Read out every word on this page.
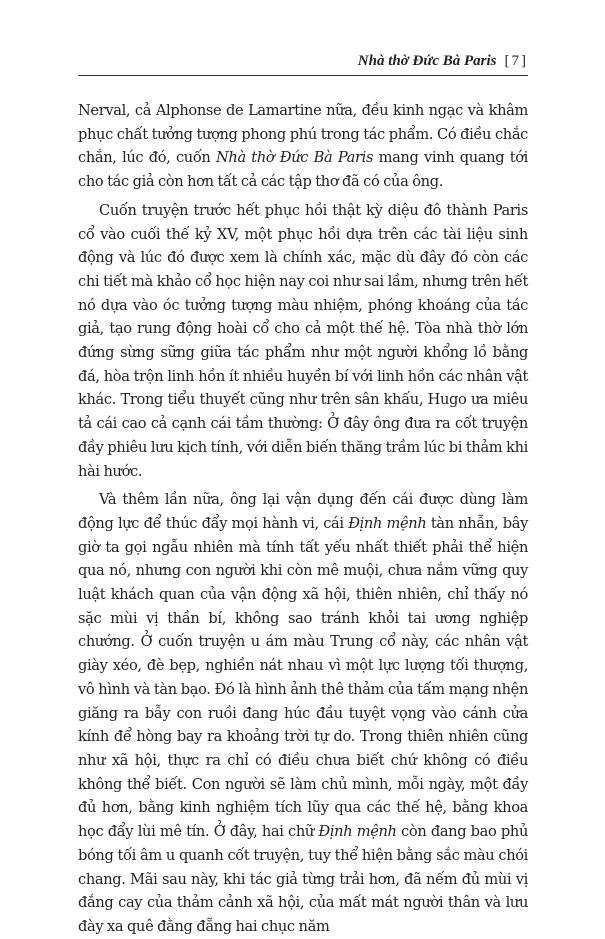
Nhà thờ Đức Bà Paris [7]

Nerval, cả Alphonse de Lamartine nữa, đều kinh ngạc và khâm phục chất tưởng tượng phong phú trong tác phẩm. Có điều chắc chắn, lúc đó, cuốn Nhà thờ Đức Bà Paris mang vinh quang tới cho tác giả còn hơn tất cả các tập thơ đã có của ông.

Cuốn truyện trước hết phục hồi thật kỳ diệu đô thành Paris cổ vào cuối thế kỷ XV, một phục hồi dựa trên các tài liệu sinh động và lúc đó được xem là chính xác, mặc dù đây đó còn các chi tiết mà khảo cổ học hiện nay coi như sai lầm, nhưng trên hết nó dựa vào óc tưởng tượng màu nhiệm, phóng khoáng của tác giả, tạo rung động hoài cổ cho cả một thế hệ. Tòa nhà thờ lớn đứng sừng sững giữa tác phẩm như một người khổng lồ bằng đá, hòa trộn linh hồn ít nhiều huyền bí với linh hồn các nhân vật khác. Trong tiểu thuyết cũng như trên sân khấu, Hugo ưa miêu tả cái cao cả cạnh cái tầm thường: Ở đây ông đưa ra cốt truyện đầy phiêu lưu kịch tính, với diễn biến thăng trầm lúc bi thảm khi hài hước.

Và thêm lần nữa, ông lại vận dụng đến cái được dùng làm động lực để thúc đẩy mọi hành vi, cái Định mệnh tàn nhẫn, bây giờ ta gọi ngẫu nhiên mà tính tất yếu nhất thiết phải thể hiện qua nó, nhưng con người khi còn mê muội, chưa nắm vững quy luật khách quan của vận động xã hội, thiên nhiên, chỉ thấy nó sặc mùi vị thần bí, không sao tránh khỏi tai ương nghiệp chướng. Ở cuốn truyện u ám màu Trung cổ này, các nhân vật giày xéo, đè bẹp, nghiền nát nhau vì một lực lượng tối thượng, vô hình và tàn bạo. Đó là hình ảnh thê thảm của tấm mạng nhện giăng ra bẫy con ruồi đang húc đầu tuyệt vọng vào cánh cửa kính để hòng bay ra khoảng trời tự do. Trong thiên nhiên cũng như xã hội, thực ra chỉ có điều chưa biết chứ không có điều không thể biết. Con người sẽ làm chủ mình, mỗi ngày, một đầy đủ hơn, bằng kinh nghiệm tích lũy qua các thế hệ, bằng khoa học đẩy lùi mê tín. Ở đây, hai chữ Định mệnh còn đang bao phủ bóng tối âm u quanh cốt truyện, tuy thể hiện bằng sắc màu chói chang. Mãi sau này, khi tác giả từng trải hơn, đã nếm đủ mùi vị đắng cay của thảm cảnh xã hội, của mất mát người thân và lưu đày xa quê đằng đẵng hai chục năm
